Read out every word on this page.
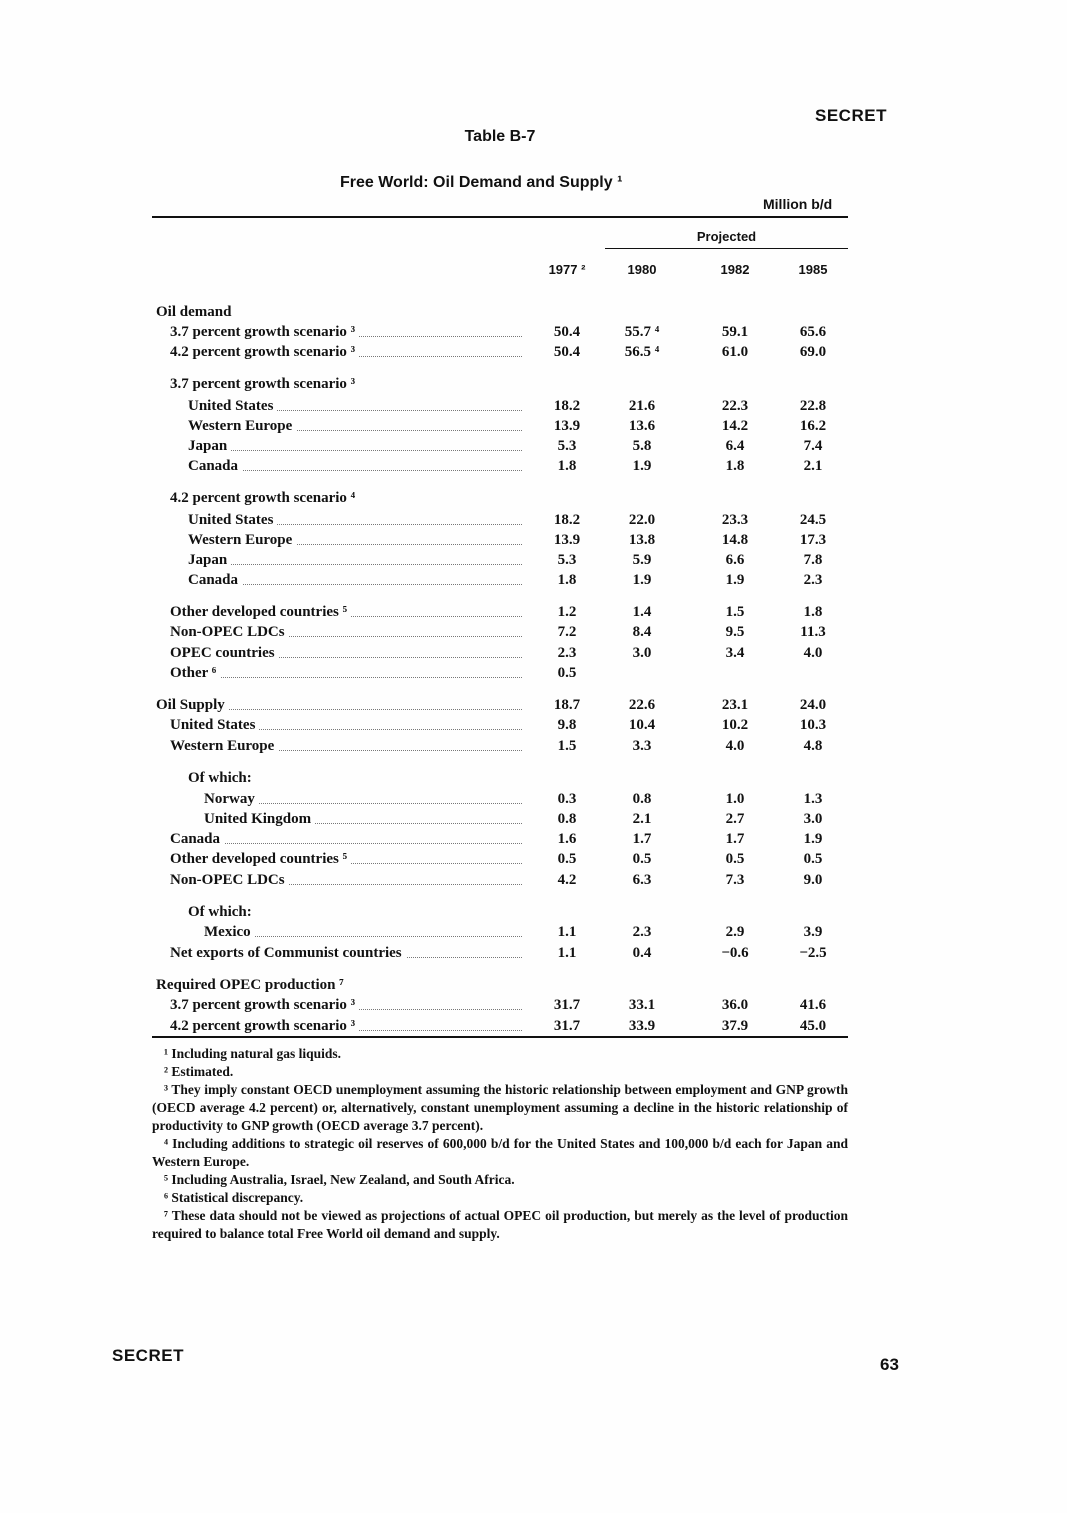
SECRET
Table B-7
Free World: Oil Demand and Supply ¹
Million b/d
Projected
1977 ²	1980	1982	1985
Oil demand
3.7 percent growth scenario ³	50.4	55.7 ⁴	59.1	65.6
4.2 percent growth scenario ³	50.4	56.5 ⁴	61.0	69.0
3.7 percent growth scenario ³
United States	18.2	21.6	22.3	22.8
Western Europe	13.9	13.6	14.2	16.2
Japan	5.3	5.8	6.4	7.4
Canada	1.8	1.9	1.8	2.1
4.2 percent growth scenario ⁴
United States	18.2	22.0	23.3	24.5
Western Europe	13.9	13.8	14.8	17.3
Japan	5.3	5.9	6.6	7.8
Canada	1.8	1.9	1.9	2.3
Other developed countries ⁵	1.2	1.4	1.5	1.8
Non-OPEC LDCs	7.2	8.4	9.5	11.3
OPEC countries	2.3	3.0	3.4	4.0
Other ⁶	0.5
Oil Supply	18.7	22.6	23.1	24.0
United States	9.8	10.4	10.2	10.3
Western Europe	1.5	3.3	4.0	4.8
Of which:
Norway	0.3	0.8	1.0	1.3
United Kingdom	0.8	2.1	2.7	3.0
Canada	1.6	1.7	1.7	1.9
Other developed countries ⁵	0.5	0.5	0.5	0.5
Non-OPEC LDCs	4.2	6.3	7.3	9.0
Of which:
Mexico	1.1	2.3	2.9	3.9
Net exports of Communist countries	1.1	0.4	−0.6	−2.5
Required OPEC production ⁷
3.7 percent growth scenario ³	31.7	33.1	36.0	41.6
4.2 percent growth scenario ³	31.7	33.9	37.9	45.0

¹ Including natural gas liquids.

² Estimated.

³ They imply constant OECD unemployment assuming the historic relationship between employment and GNP growth (OECD average 4.2 percent) or, alternatively, constant unemployment assuming a decline in the historic relationship of productivity to GNP growth (OECD average 3.7 percent).

⁴ Including additions to strategic oil reserves of 600,000 b/d for the United States and 100,000 b/d each for Japan and Western Europe.

⁵ Including Australia, Israel, New Zealand, and South Africa.

⁶ Statistical discrepancy.

⁷ These data should not be viewed as projections of actual OPEC oil production, but merely as the level of production required to balance total Free World oil demand and supply.

SECRET	63
